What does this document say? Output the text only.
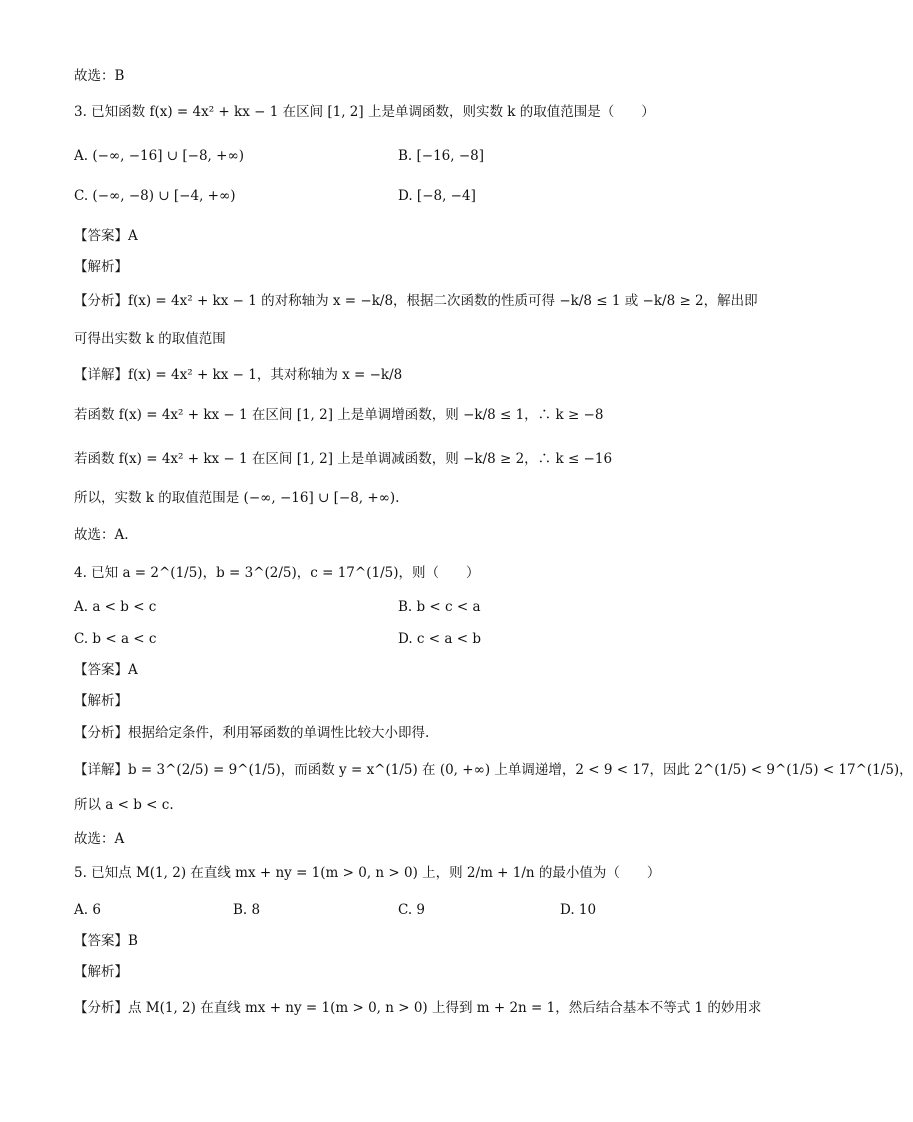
故选：B
3. 已知函数 f(x) = 4x² + kx − 1 在区间 [1, 2] 上是单调函数，则实数 k 的取值范围是（　　）
A. (−∞, −16] ∪ [−8, +∞)	B. [−16, −8]
C. (−∞, −8) ∪ [−4, +∞)	D. [−8, −4]
【答案】A
【解析】
【分析】f(x) = 4x² + kx − 1 的对称轴为 x = −k/8，根据二次函数的性质可得 −k/8 ≤ 1 或 −k/8 ≥ 2，解出即
可得出实数 k 的取值范围
【详解】f(x) = 4x² + kx − 1，其对称轴为 x = −k/8
若函数 f(x) = 4x² + kx − 1 在区间 [1, 2] 上是单调增函数，则 −k/8 ≤ 1，∴ k ≥ −8
若函数 f(x) = 4x² + kx − 1 在区间 [1, 2] 上是单调减函数，则 −k/8 ≥ 2，∴ k ≤ −16
所以，实数 k 的取值范围是 (−∞, −16] ∪ [−8, +∞).
故选：A.
4. 已知 a = 2^(1/5)，b = 3^(2/5)，c = 17^(1/5)，则（　　）
A. a < b < c	B. b < c < a
C. b < a < c	D. c < a < b
【答案】A
【解析】
【分析】根据给定条件，利用幂函数的单调性比较大小即得.
【详解】b = 3^(2/5) = 9^(1/5)，而函数 y = x^(1/5) 在 (0, +∞) 上单调递增，2 < 9 < 17，因此 2^(1/5) < 9^(1/5) < 17^(1/5)，
所以 a < b < c.
故选：A
5. 已知点 M(1, 2) 在直线 mx + ny = 1(m > 0, n > 0) 上，则 2/m + 1/n 的最小值为（　　）
A. 6	B. 8	C. 9	D. 10
【答案】B
【解析】
【分析】点 M(1, 2) 在直线 mx + ny = 1(m > 0, n > 0) 上得到 m + 2n = 1，然后结合基本不等式 1 的妙用求
